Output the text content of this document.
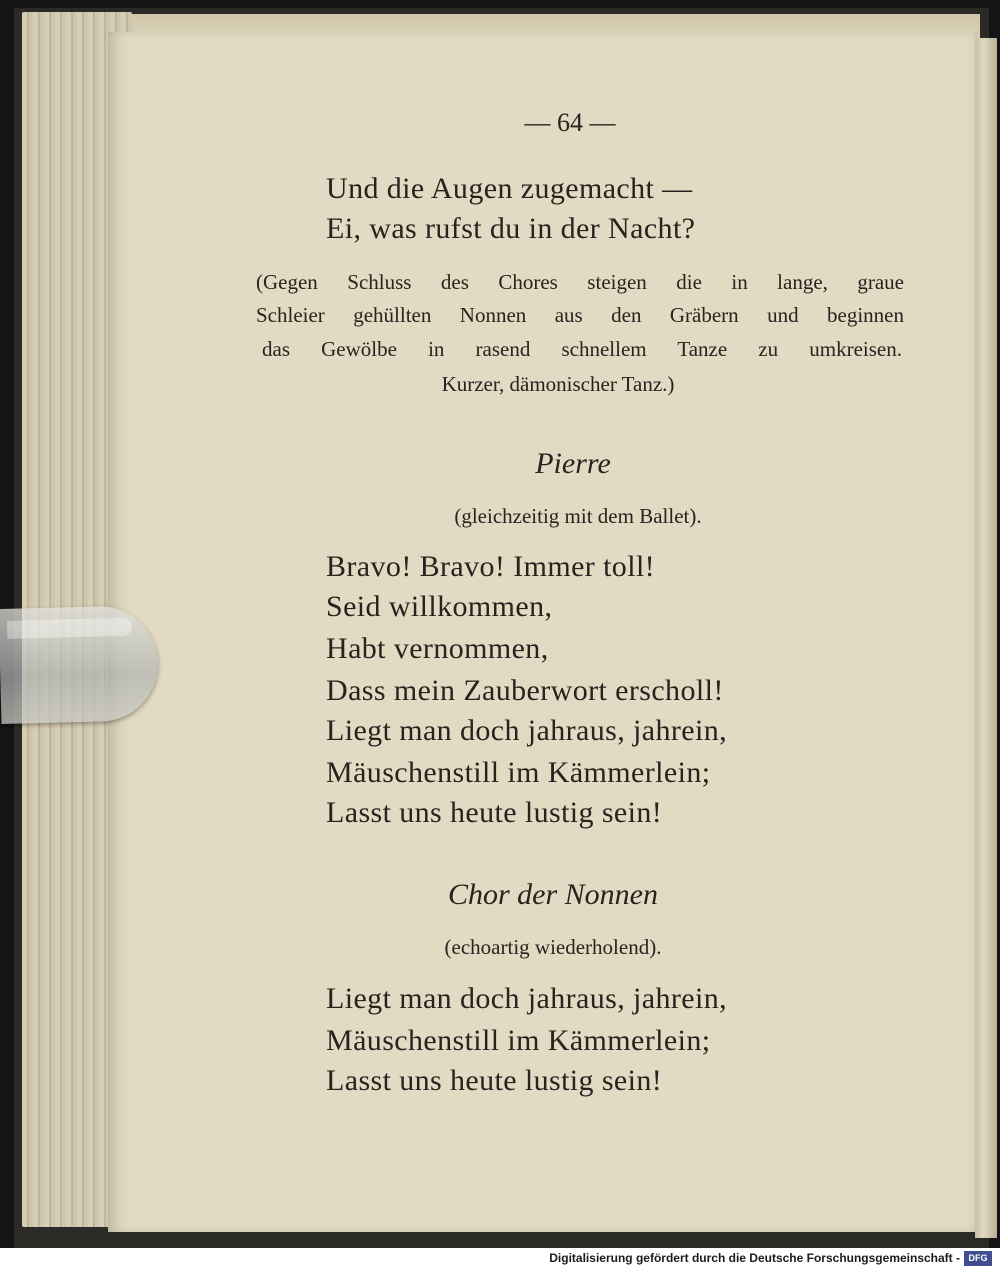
— 64 —

Und die Augen zugemacht —

Ei, was rufst du in der Nacht?

(Gegen Schluss des Chores steigen die in lange, graue

Schleier gehüllten Nonnen aus den Gräbern und beginnen

das Gewölbe in rasend schnellem Tanze zu umkreisen.

Kurzer, dämonischer Tanz.)

Pierre

(gleichzeitig mit dem Ballet).

Bravo! Bravo! Immer toll!

Seid willkommen,

Habt vernommen,

Dass mein Zauberwort erscholl!

Liegt man doch jahraus, jahrein,

Mäuschenstill im Kämmerlein;

Lasst uns heute lustig sein!

Chor der Nonnen

(echoartig wiederholend).

Liegt man doch jahraus, jahrein,

Mäuschenstill im Kämmerlein;

Lasst uns heute lustig sein!

Digitalisierung gefördert durch die Deutsche Forschungsgemeinschaft - DFG
